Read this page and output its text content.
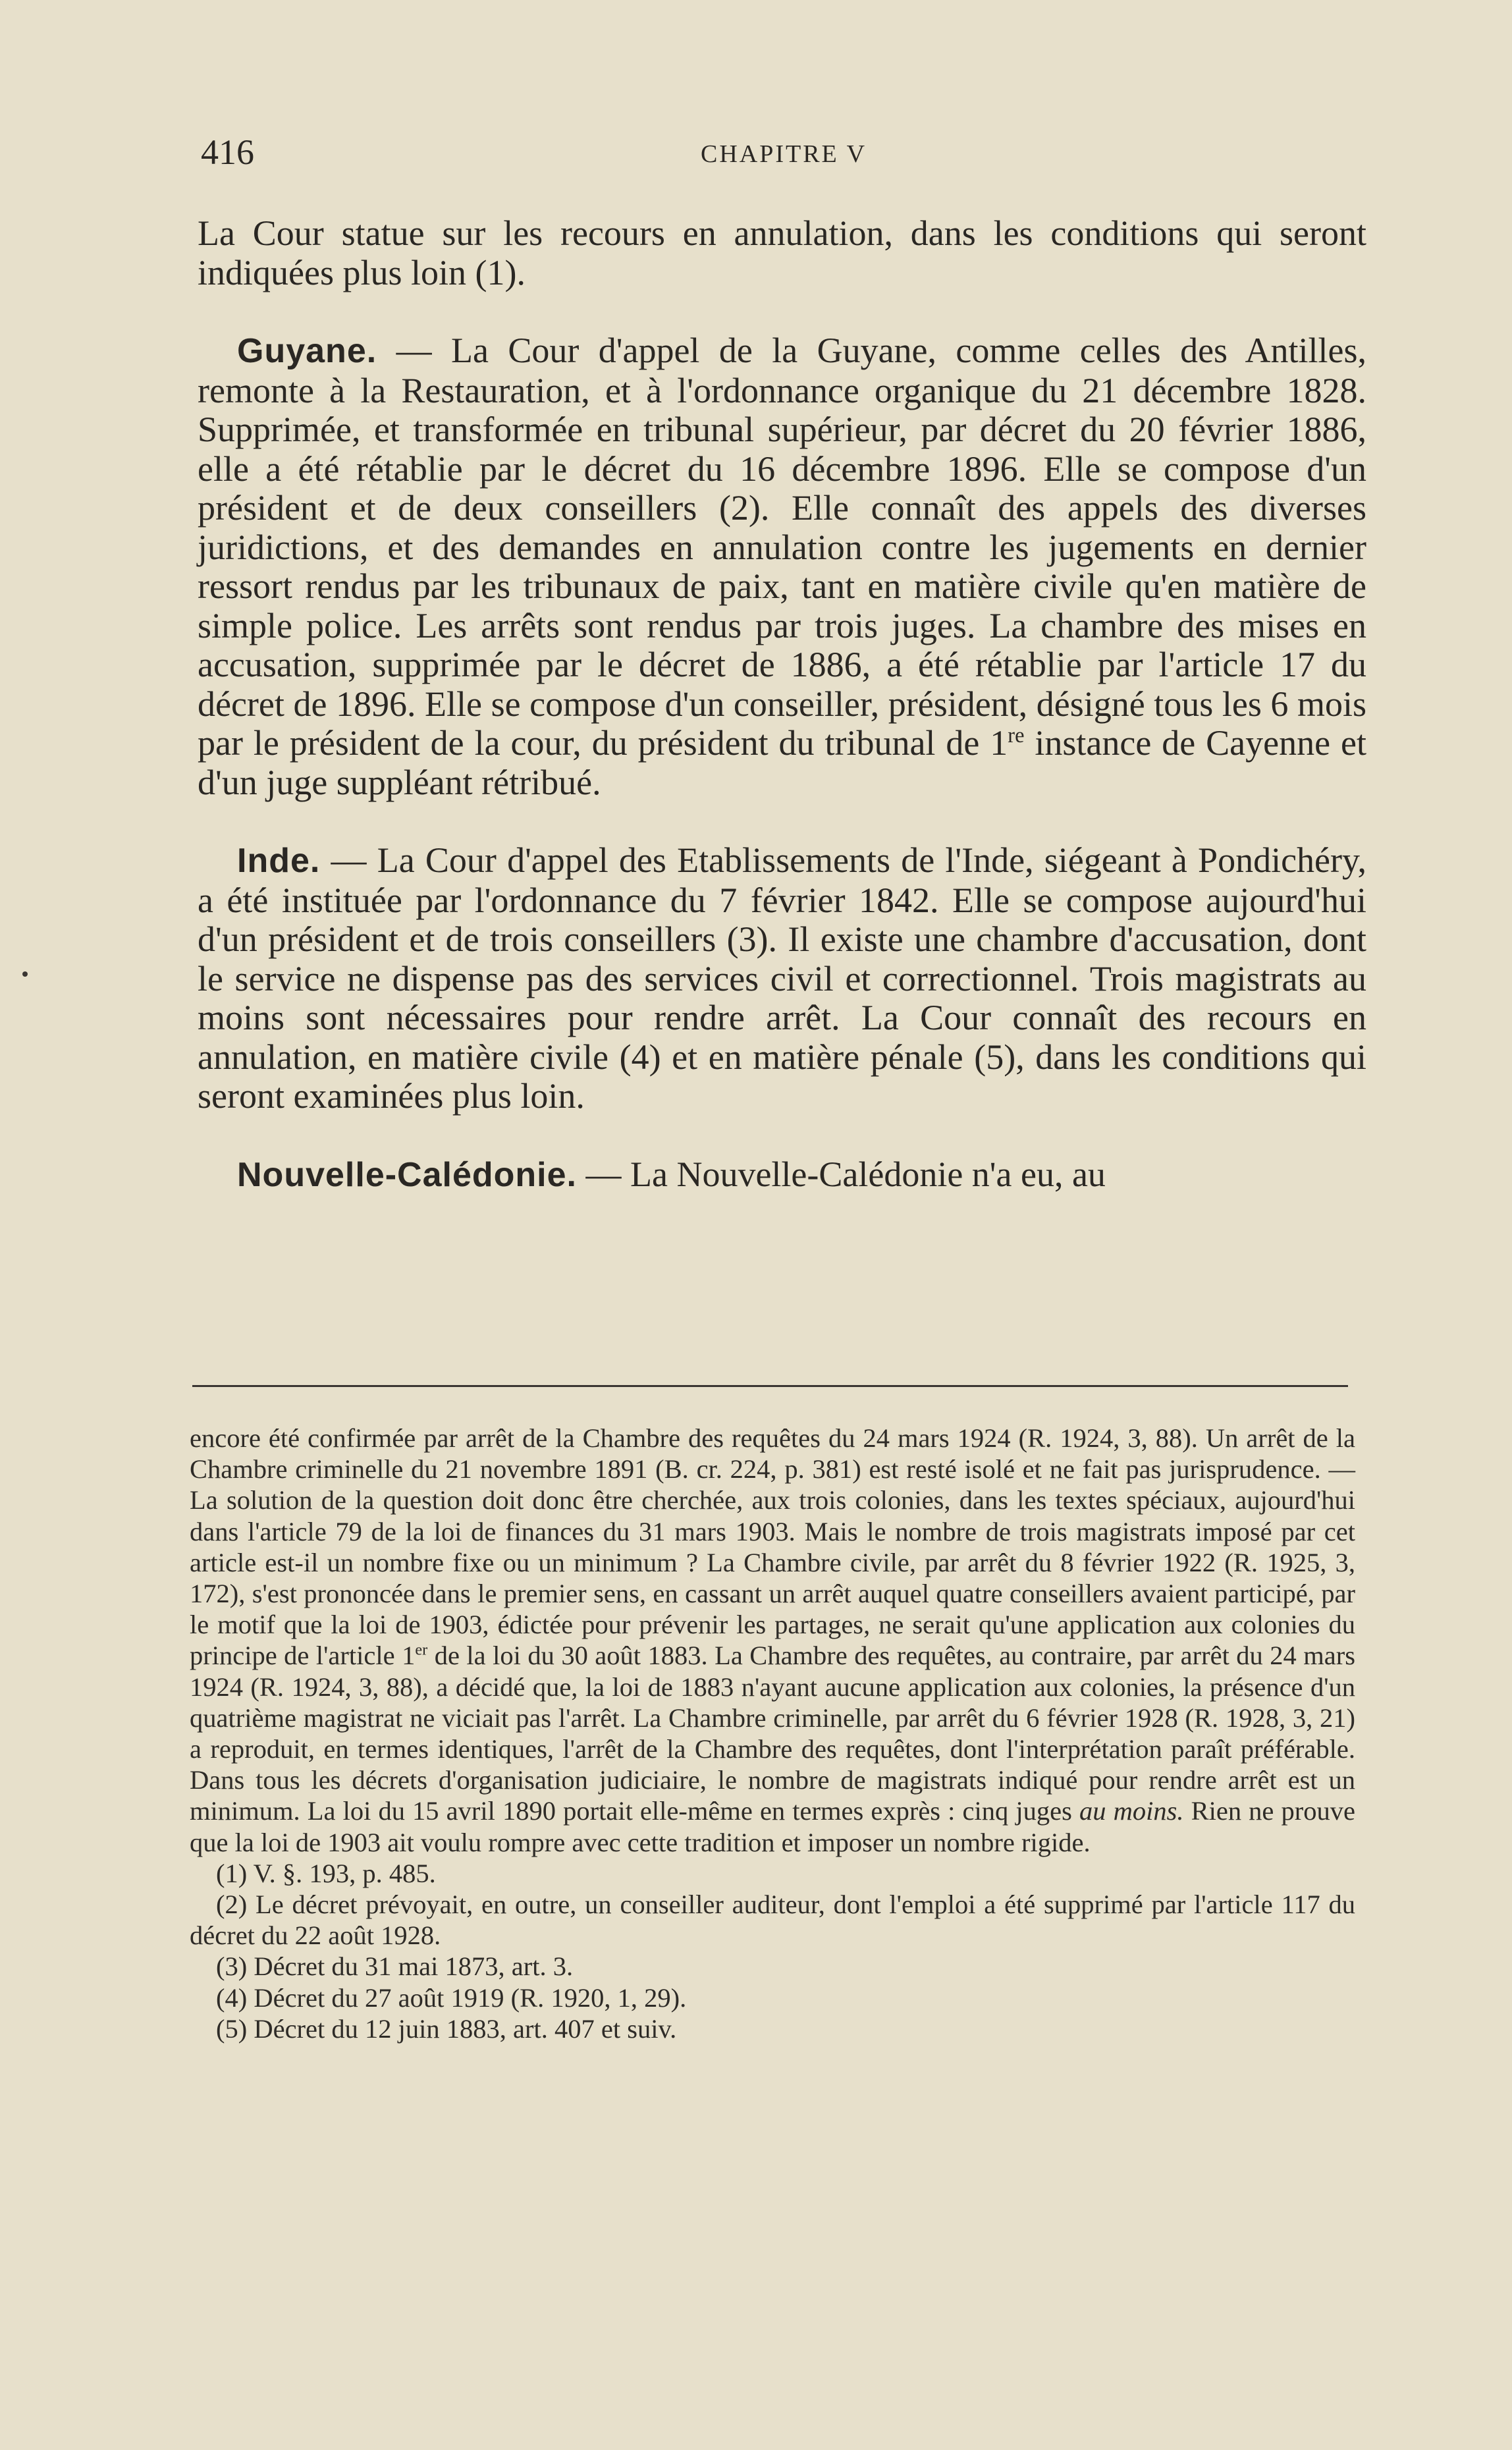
416	CHAPITRE V

La Cour statue sur les recours en annulation, dans les conditions qui seront indiquées plus loin (1).

Guyane. — La Cour d'appel de la Guyane, comme celles des Antilles, remonte à la Restauration, et à l'ordonnance organique du 21 décembre 1828. Supprimée, et transformée en tribunal supérieur, par décret du 20 février 1886, elle a été rétablie par le décret du 16 décembre 1896. Elle se compose d'un président et de deux conseillers (2). Elle connaît des appels des diverses juridictions, et des demandes en annulation contre les jugements en dernier ressort rendus par les tribunaux de paix, tant en matière civile qu'en matière de simple police. Les arrêts sont rendus par trois juges. La chambre des mises en accusation, supprimée par le décret de 1886, a été rétablie par l'article 17 du décret de 1896. Elle se compose d'un conseiller, président, désigné tous les 6 mois par le président de la cour, du président du tribunal de 1re instance de Cayenne et d'un juge suppléant rétribué.

Inde. — La Cour d'appel des Etablissements de l'Inde, siégeant à Pondichéry, a été instituée par l'ordonnance du 7 février 1842. Elle se compose aujourd'hui d'un président et de trois conseillers (3). Il existe une chambre d'accusation, dont le service ne dispense pas des services civil et correctionnel. Trois magistrats au moins sont nécessaires pour rendre arrêt. La Cour connaît des recours en annulation, en matière civile (4) et en matière pénale (5), dans les conditions qui seront examinées plus loin.

Nouvelle-Calédonie. — La Nouvelle-Calédonie n'a eu, au

encore été confirmée par arrêt de la Chambre des requêtes du 24 mars 1924 (R. 1924, 3, 88). Un arrêt de la Chambre criminelle du 21 novembre 1891 (B. cr. 224, p. 381) est resté isolé et ne fait pas jurisprudence. — La solution de la question doit donc être cherchée, aux trois colonies, dans les textes spéciaux, aujourd'hui dans l'article 79 de la loi de finances du 31 mars 1903. Mais le nombre de trois magistrats imposé par cet article est-il un nombre fixe ou un minimum ? La Chambre civile, par arrêt du 8 février 1922 (R. 1925, 3, 172), s'est prononcée dans le premier sens, en cassant un arrêt auquel quatre conseillers avaient participé, par le motif que la loi de 1903, édictée pour prévenir les partages, ne serait qu'une application aux colonies du principe de l'article 1er de la loi du 30 août 1883. La Chambre des requêtes, au contraire, par arrêt du 24 mars 1924 (R. 1924, 3, 88), a décidé que, la loi de 1883 n'ayant aucune application aux colonies, la présence d'un quatrième magistrat ne viciait pas l'arrêt. La Chambre criminelle, par arrêt du 6 février 1928 (R. 1928, 3, 21) a reproduit, en termes identiques, l'arrêt de la Chambre des requêtes, dont l'interprétation paraît préférable. Dans tous les décrets d'organisation judiciaire, le nombre de magistrats indiqué pour rendre arrêt est un minimum. La loi du 15 avril 1890 portait elle-même en termes exprès : cinq juges au moins. Rien ne prouve que la loi de 1903 ait voulu rompre avec cette tradition et imposer un nombre rigide.

(1) V. §. 193, p. 485.

(2) Le décret prévoyait, en outre, un conseiller auditeur, dont l'emploi a été supprimé par l'article 117 du décret du 22 août 1928.

(3) Décret du 31 mai 1873, art. 3.

(4) Décret du 27 août 1919 (R. 1920, 1, 29).

(5) Décret du 12 juin 1883, art. 407 et suiv.
